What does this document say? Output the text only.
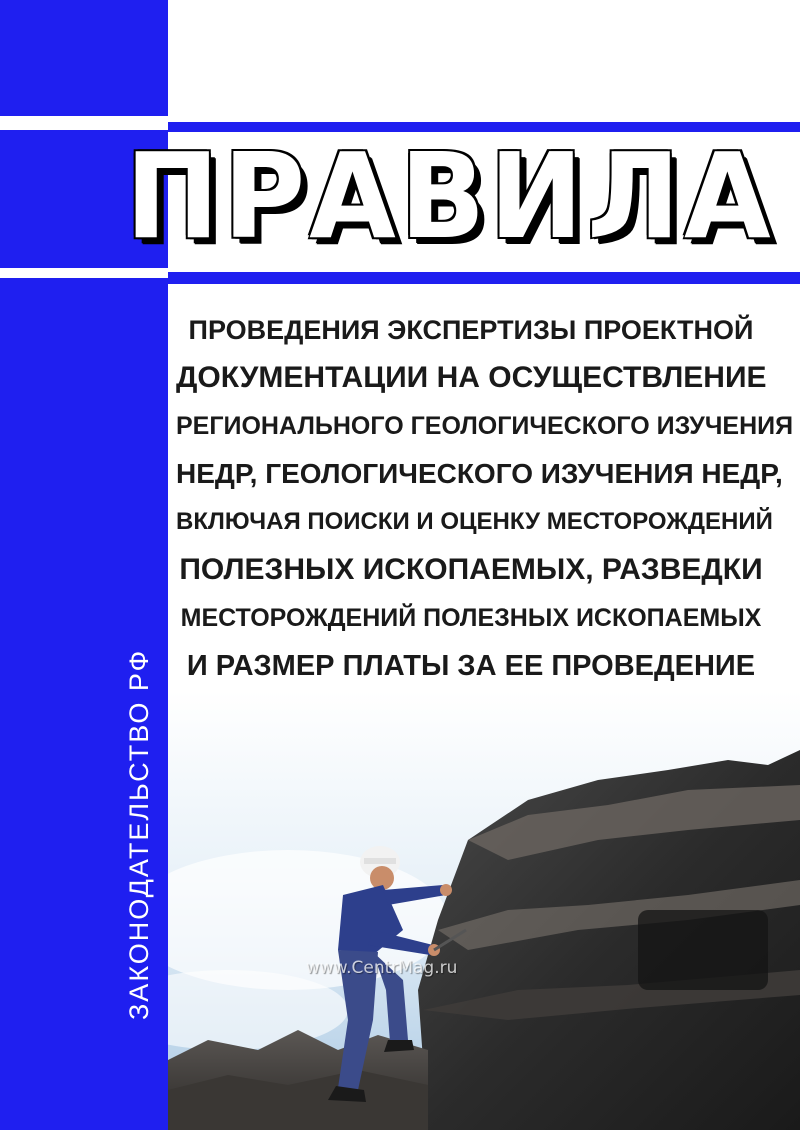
ПРАВИЛА
ЗАКОНОДАТЕЛЬСТВО РФ
ПРОВЕДЕНИЯ ЭКСПЕРТИЗЫ ПРОЕКТНОЙ
ДОКУМЕНТАЦИИ НА ОСУЩЕСТВЛЕНИЕ
РЕГИОНАЛЬНОГО ГЕОЛОГИЧЕСКОГО ИЗУЧЕНИЯ
НЕДР, ГЕОЛОГИЧЕСКОГО ИЗУЧЕНИЯ НЕДР,
ВКЛЮЧАЯ ПОИСКИ И ОЦЕНКУ МЕСТОРОЖДЕНИЙ
ПОЛЕЗНЫХ ИСКОПАЕМЫХ, РАЗВЕДКИ
МЕСТОРОЖДЕНИЙ ПОЛЕЗНЫХ ИСКОПАЕМЫХ
И РАЗМЕР ПЛАТЫ ЗА ЕЕ ПРОВЕДЕНИЕ
www.CentrMag.ru
